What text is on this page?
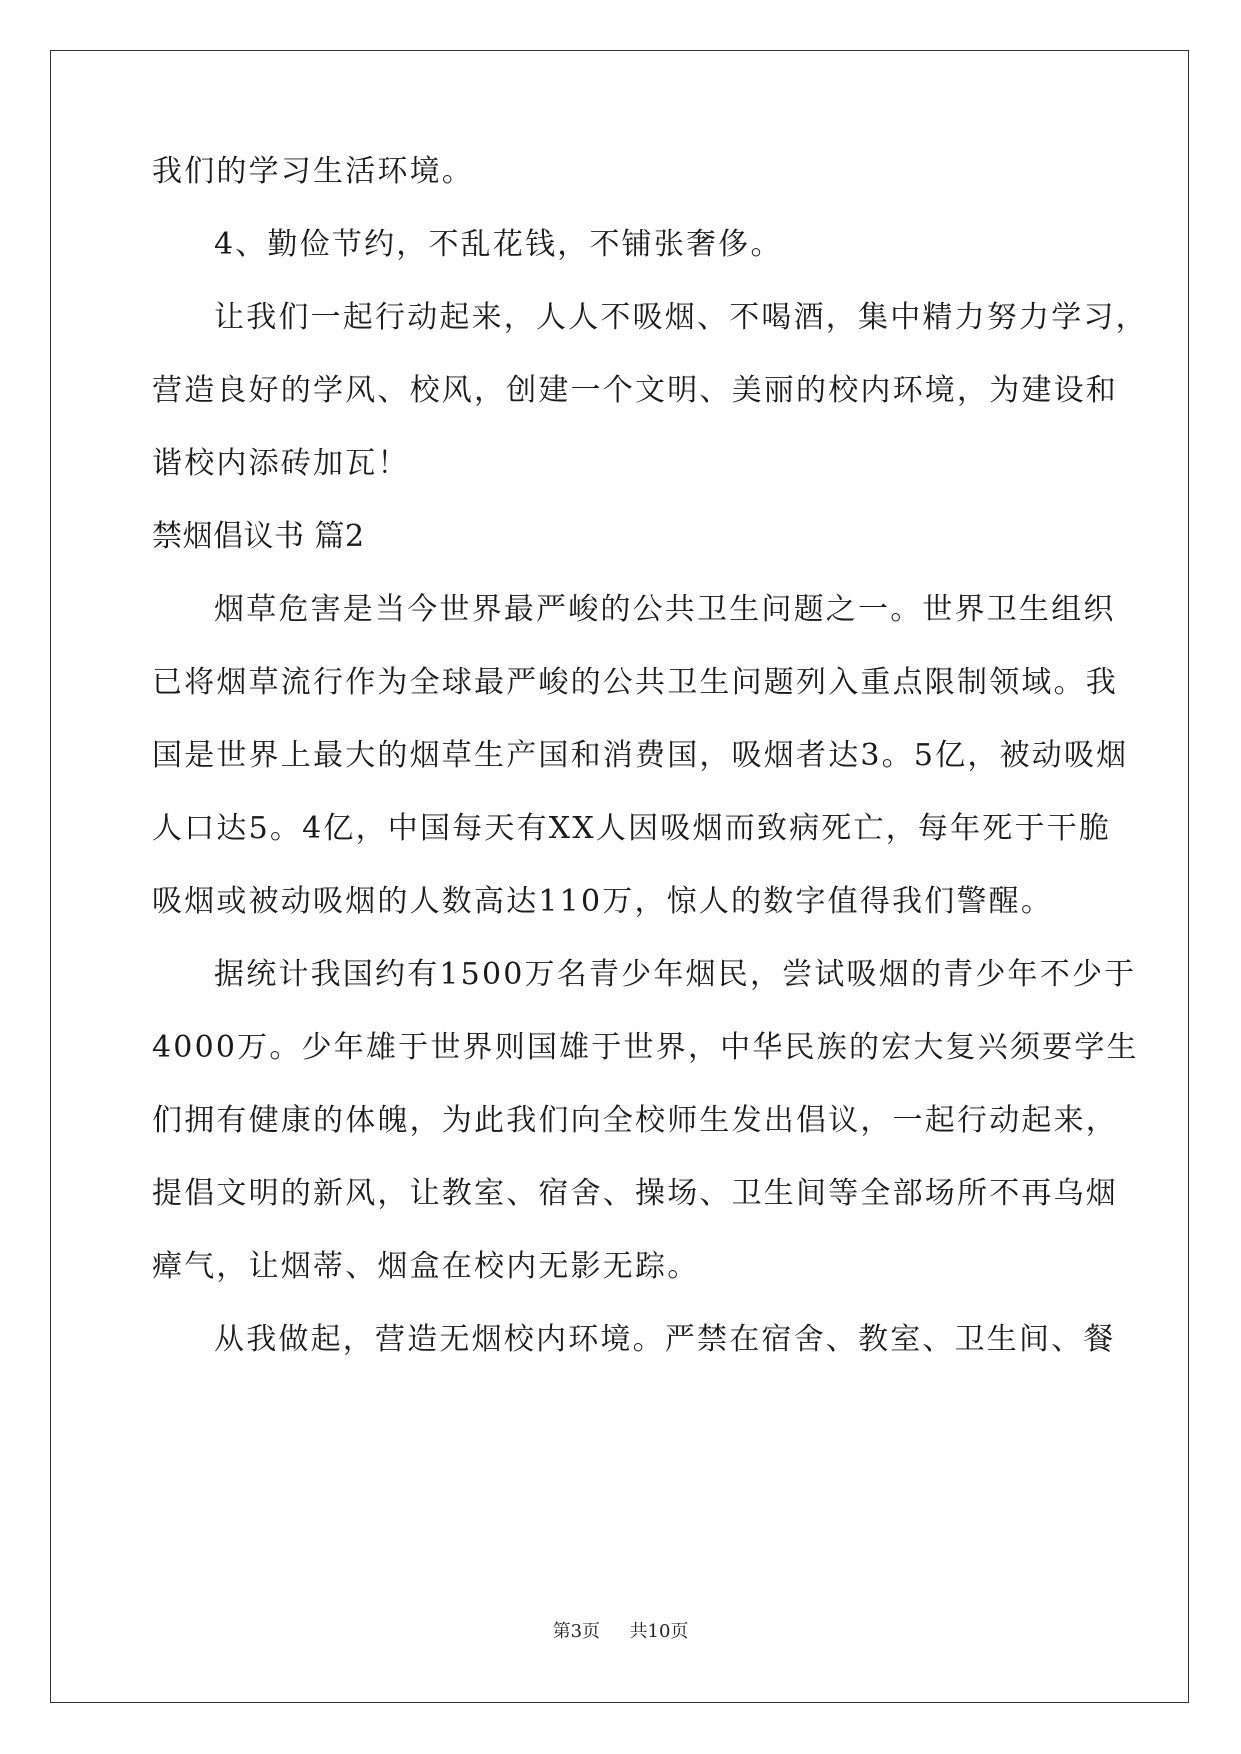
我们的学习生活环境。
4、勤俭节约，不乱花钱，不铺张奢侈。
让我们一起行动起来，人人不吸烟、不喝酒，集中精力努力学习，
营造良好的学风、校风，创建一个文明、美丽的校内环境，为建设和
谐校内添砖加瓦！
禁烟倡议书 篇2
烟草危害是当今世界最严峻的公共卫生问题之一。世界卫生组织
已将烟草流行作为全球最严峻的公共卫生问题列入重点限制领域。我
国是世界上最大的烟草生产国和消费国，吸烟者达3。5亿，被动吸烟
人口达5。4亿，中国每天有XX人因吸烟而致病死亡，每年死于干脆
吸烟或被动吸烟的人数高达110万，惊人的数字值得我们警醒。
据统计我国约有1500万名青少年烟民，尝试吸烟的青少年不少于
4000万。少年雄于世界则国雄于世界，中华民族的宏大复兴须要学生
们拥有健康的体魄，为此我们向全校师生发出倡议，一起行动起来，
提倡文明的新风，让教室、宿舍、操场、卫生间等全部场所不再乌烟
瘴气，让烟蒂、烟盒在校内无影无踪。
从我做起，营造无烟校内环境。严禁在宿舍、教室、卫生间、餐
第3页 共10页
